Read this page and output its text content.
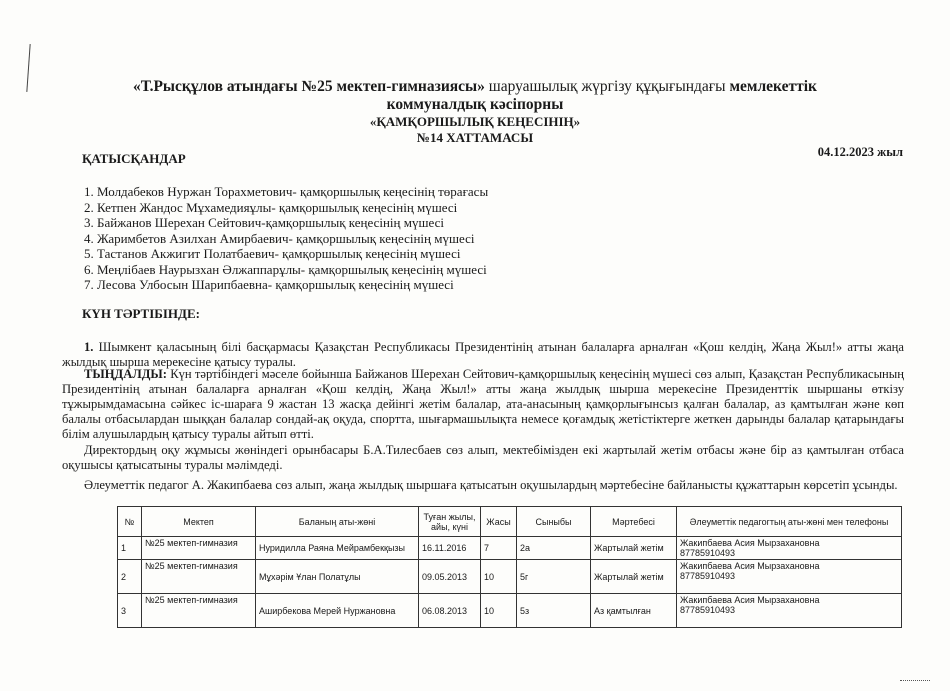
«Т.Рысқұлов атындағы №25 мектеп-гимназиясы» шаруашылық жүргізу құқығындағы мемлекеттік
коммуналдық кәсіпорны
«ҚАМҚОРШЫЛЫҚ КЕҢЕСІНІҢ»
№14 ХАТТАМАСЫ
04.12.2023 жыл
ҚАТЫСҚАНДАР
1. Молдабеков Нуржан Торахметович- қамқоршылық кеңесінің төрағасы
2. Кетпен Жандос Мұхамедияұлы- қамқоршылық кеңесінің мүшесі
3. Байжанов Шерехан Сейтович-қамқоршылық кеңесінің мүшесі
4. Жаримбетов Азилхан Амирбаевич- қамқоршылық кеңесінің мүшесі
5. Тастанов Акжигит Полатбаевич- қамқоршылық кеңесінің мүшесі
6. Меңлібаев Наурызхан Әлжаппарұлы- қамқоршылық кеңесінің мүшесі
7. Лесова Улбосын Шарипбаевна- қамқоршылық кеңесінің мүшесі
КҮН ТӘРТІБІНДЕ:
1. Шымкент қаласының білі басқармасы Қазақстан Республикасы Президентінің атынан балаларға арналған «Қош келдің, Жаңа Жыл!» атты жаңа жылдық шырша мерекесіне қатысу туралы.
ТЫҢДАЛДЫ: Күн тәртібіндегі мәселе бойынша Байжанов Шерехан Сейтович-қамқоршылық кеңесінің мүшесі сөз алып, Қазақстан Республикасының Президентінің атынан балаларға арналған «Қош келдің, Жаңа Жыл!» атты жаңа жылдық шырша мерекесіне Президенттік шыршаны өткізу тұжырымдамасына сәйкес іс-шараға 9 жастан 13 жасқа дейінгі жетім балалар, ата-анасының қамқорлығынсыз қалған балалар, аз қамтылған және көп балалы отбасылардан шыққан балалар сондай-ақ оқуда, спортта, шығармашылықта немесе қоғамдық жетістіктерге жеткен дарынды балалар қатарындағы білім алушылардың қатысу туралы айтып өтті.
Директордың оқу жұмысы жөніндегі орынбасары Б.А.Тилесбаев сөз алып, мектебімізден екі жартылай жетім отбасы және бір аз қамтылған отбаса оқушысы қатысатыны туралы мәлімдеді.
Әлеуметтік педагог А. Жакипбаева сөз алып, жаңа жылдық шыршаға қатысатын оқушылардың мәртебесіне байланысты құжаттарын көрсетіп ұсынды.
№	Мектеп	Баланың аты-жөні	Туған жылы, айы, күні	Жасы	Сыныбы	Мәртебесі	Әлеуметтік педагогтың аты-жөні мен телефоны
1	№25 мектеп-гимназия	Нуридилла Раяна Мейрамбекқызы	16.11.2016	7	2а	Жартылай жетім	Жакипбаева Асия Мырзахановна
87785910493

2	№25 мектеп-гимназия	Мұхәрім Ұлан Полатұлы	09.05.2013	10	5г	Жартылай жетім	Жакипбаева Асия Мырзахановна
87785910493

3	№25 мектеп-гимназия	Аширбекова Мерей Нуржановна	06.08.2013	10	5з	Аз қамтылған	Жакипбаева Асия Мырзахановна
87785910493
